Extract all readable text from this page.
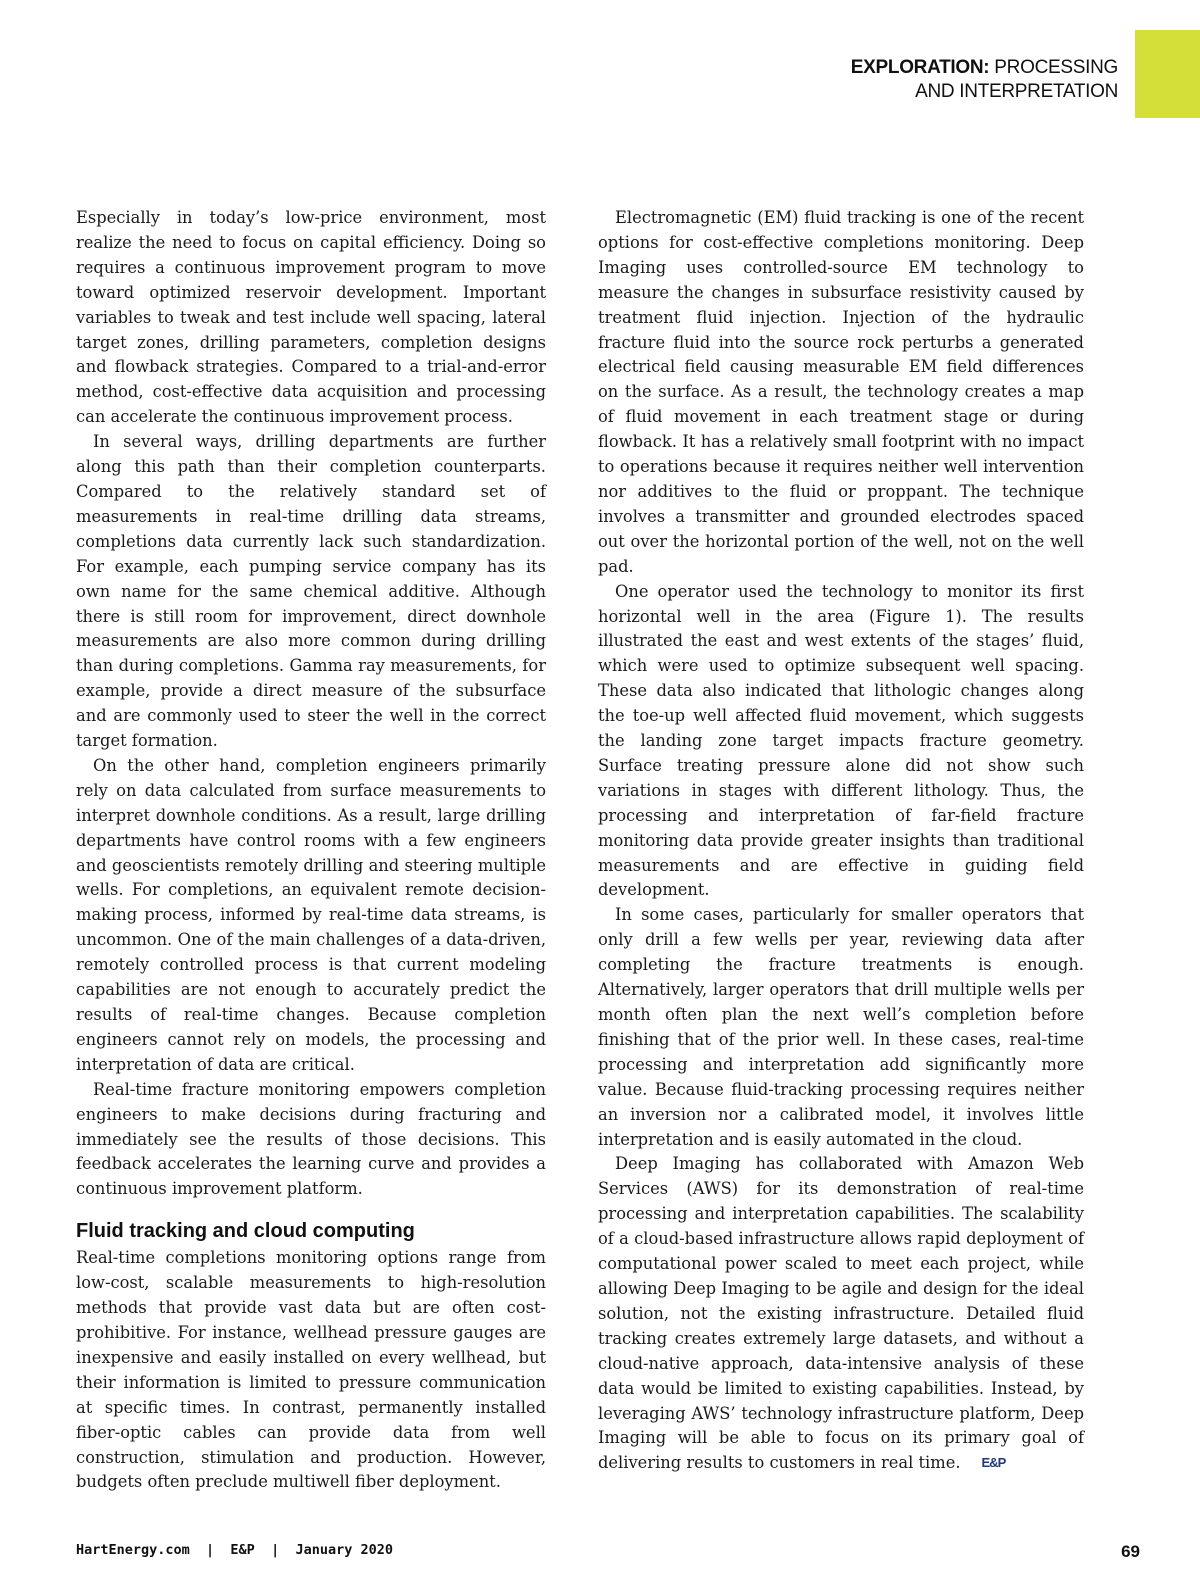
EXPLORATION: PROCESSING
AND INTERPRETATION

Especially in today’s low-price environment, most realize the need to focus on capital efficiency. Doing so requires a continuous improvement program to move toward optimized reservoir development. Important variables to tweak and test include well spacing, lateral target zones, drilling parameters, completion designs and flowback strategies. Compared to a trial-and-error method, cost-effective data acquisition and processing can accelerate the continuous improvement process.

In several ways, drilling departments are further along this path than their completion counterparts. Compared to the relatively standard set of measurements in real-time drilling data streams, completions data currently lack such standardization. For example, each pumping service company has its own name for the same chemical additive. Although there is still room for improvement, direct downhole measurements are also more common during drilling than during completions. Gamma ray measurements, for example, provide a direct measure of the subsurface and are commonly used to steer the well in the correct target formation.

On the other hand, completion engineers primarily rely on data calculated from surface measurements to interpret downhole conditions. As a result, large drilling departments have control rooms with a few engineers and geoscientists remotely drilling and steering multiple wells. For completions, an equivalent remote decision-making process, informed by real-time data streams, is uncommon. One of the main challenges of a data-driven, remotely controlled process is that current modeling capabilities are not enough to accurately predict the results of real-time changes. Because completion engineers cannot rely on models, the processing and interpretation of data are critical.

Real-time fracture monitoring empowers completion engineers to make decisions during fracturing and immediately see the results of those decisions. This feedback accelerates the learning curve and provides a continuous improvement platform.

Fluid tracking and cloud computing

Real-time completions monitoring options range from low-cost, scalable measurements to high-resolution methods that provide vast data but are often cost-prohibitive. For instance, wellhead pressure gauges are inexpensive and easily installed on every wellhead, but their information is limited to pressure communication at specific times. In contrast, permanently installed fiber-optic cables can provide data from well construction, stimulation and production. However, budgets often preclude multiwell fiber deployment.

Electromagnetic (EM) fluid tracking is one of the recent options for cost-effective completions monitoring. Deep Imaging uses controlled-source EM technology to measure the changes in subsurface resistivity caused by treatment fluid injection. Injection of the hydraulic fracture fluid into the source rock perturbs a generated electrical field causing measurable EM field differences on the surface. As a result, the technology creates a map of fluid movement in each treatment stage or during flowback. It has a relatively small footprint with no impact to operations because it requires neither well intervention nor additives to the fluid or proppant. The technique involves a transmitter and grounded electrodes spaced out over the horizontal portion of the well, not on the well pad.

One operator used the technology to monitor its first horizontal well in the area (Figure 1). The results illustrated the east and west extents of the stages’ fluid, which were used to optimize subsequent well spacing. These data also indicated that lithologic changes along the toe-up well affected fluid movement, which suggests the landing zone target impacts fracture geometry. Surface treating pressure alone did not show such variations in stages with different lithology. Thus, the processing and interpretation of far-field fracture monitoring data provide greater insights than traditional measurements and are effective in guiding field development.

In some cases, particularly for smaller operators that only drill a few wells per year, reviewing data after completing the fracture treatments is enough. Alternatively, larger operators that drill multiple wells per month often plan the next well’s completion before finishing that of the prior well. In these cases, real-time processing and interpretation add significantly more value. Because fluid-tracking processing requires neither an inversion nor a calibrated model, it involves little interpretation and is easily automated in the cloud.

Deep Imaging has collaborated with Amazon Web Services (AWS) for its demonstration of real-time processing and interpretation capabilities. The scalability of a cloud-based infrastructure allows rapid deployment of computational power scaled to meet each project, while allowing Deep Imaging to be agile and design for the ideal solution, not the existing infrastructure. Detailed fluid tracking creates extremely large datasets, and without a cloud-native approach, data-intensive analysis of these data would be limited to existing capabilities. Instead, by leveraging AWS’ technology infrastructure platform, Deep Imaging will be able to focus on its primary goal of delivering results to customers in real time. E&P

HartEnergy.com  |  E&P  |  January 2020	69
